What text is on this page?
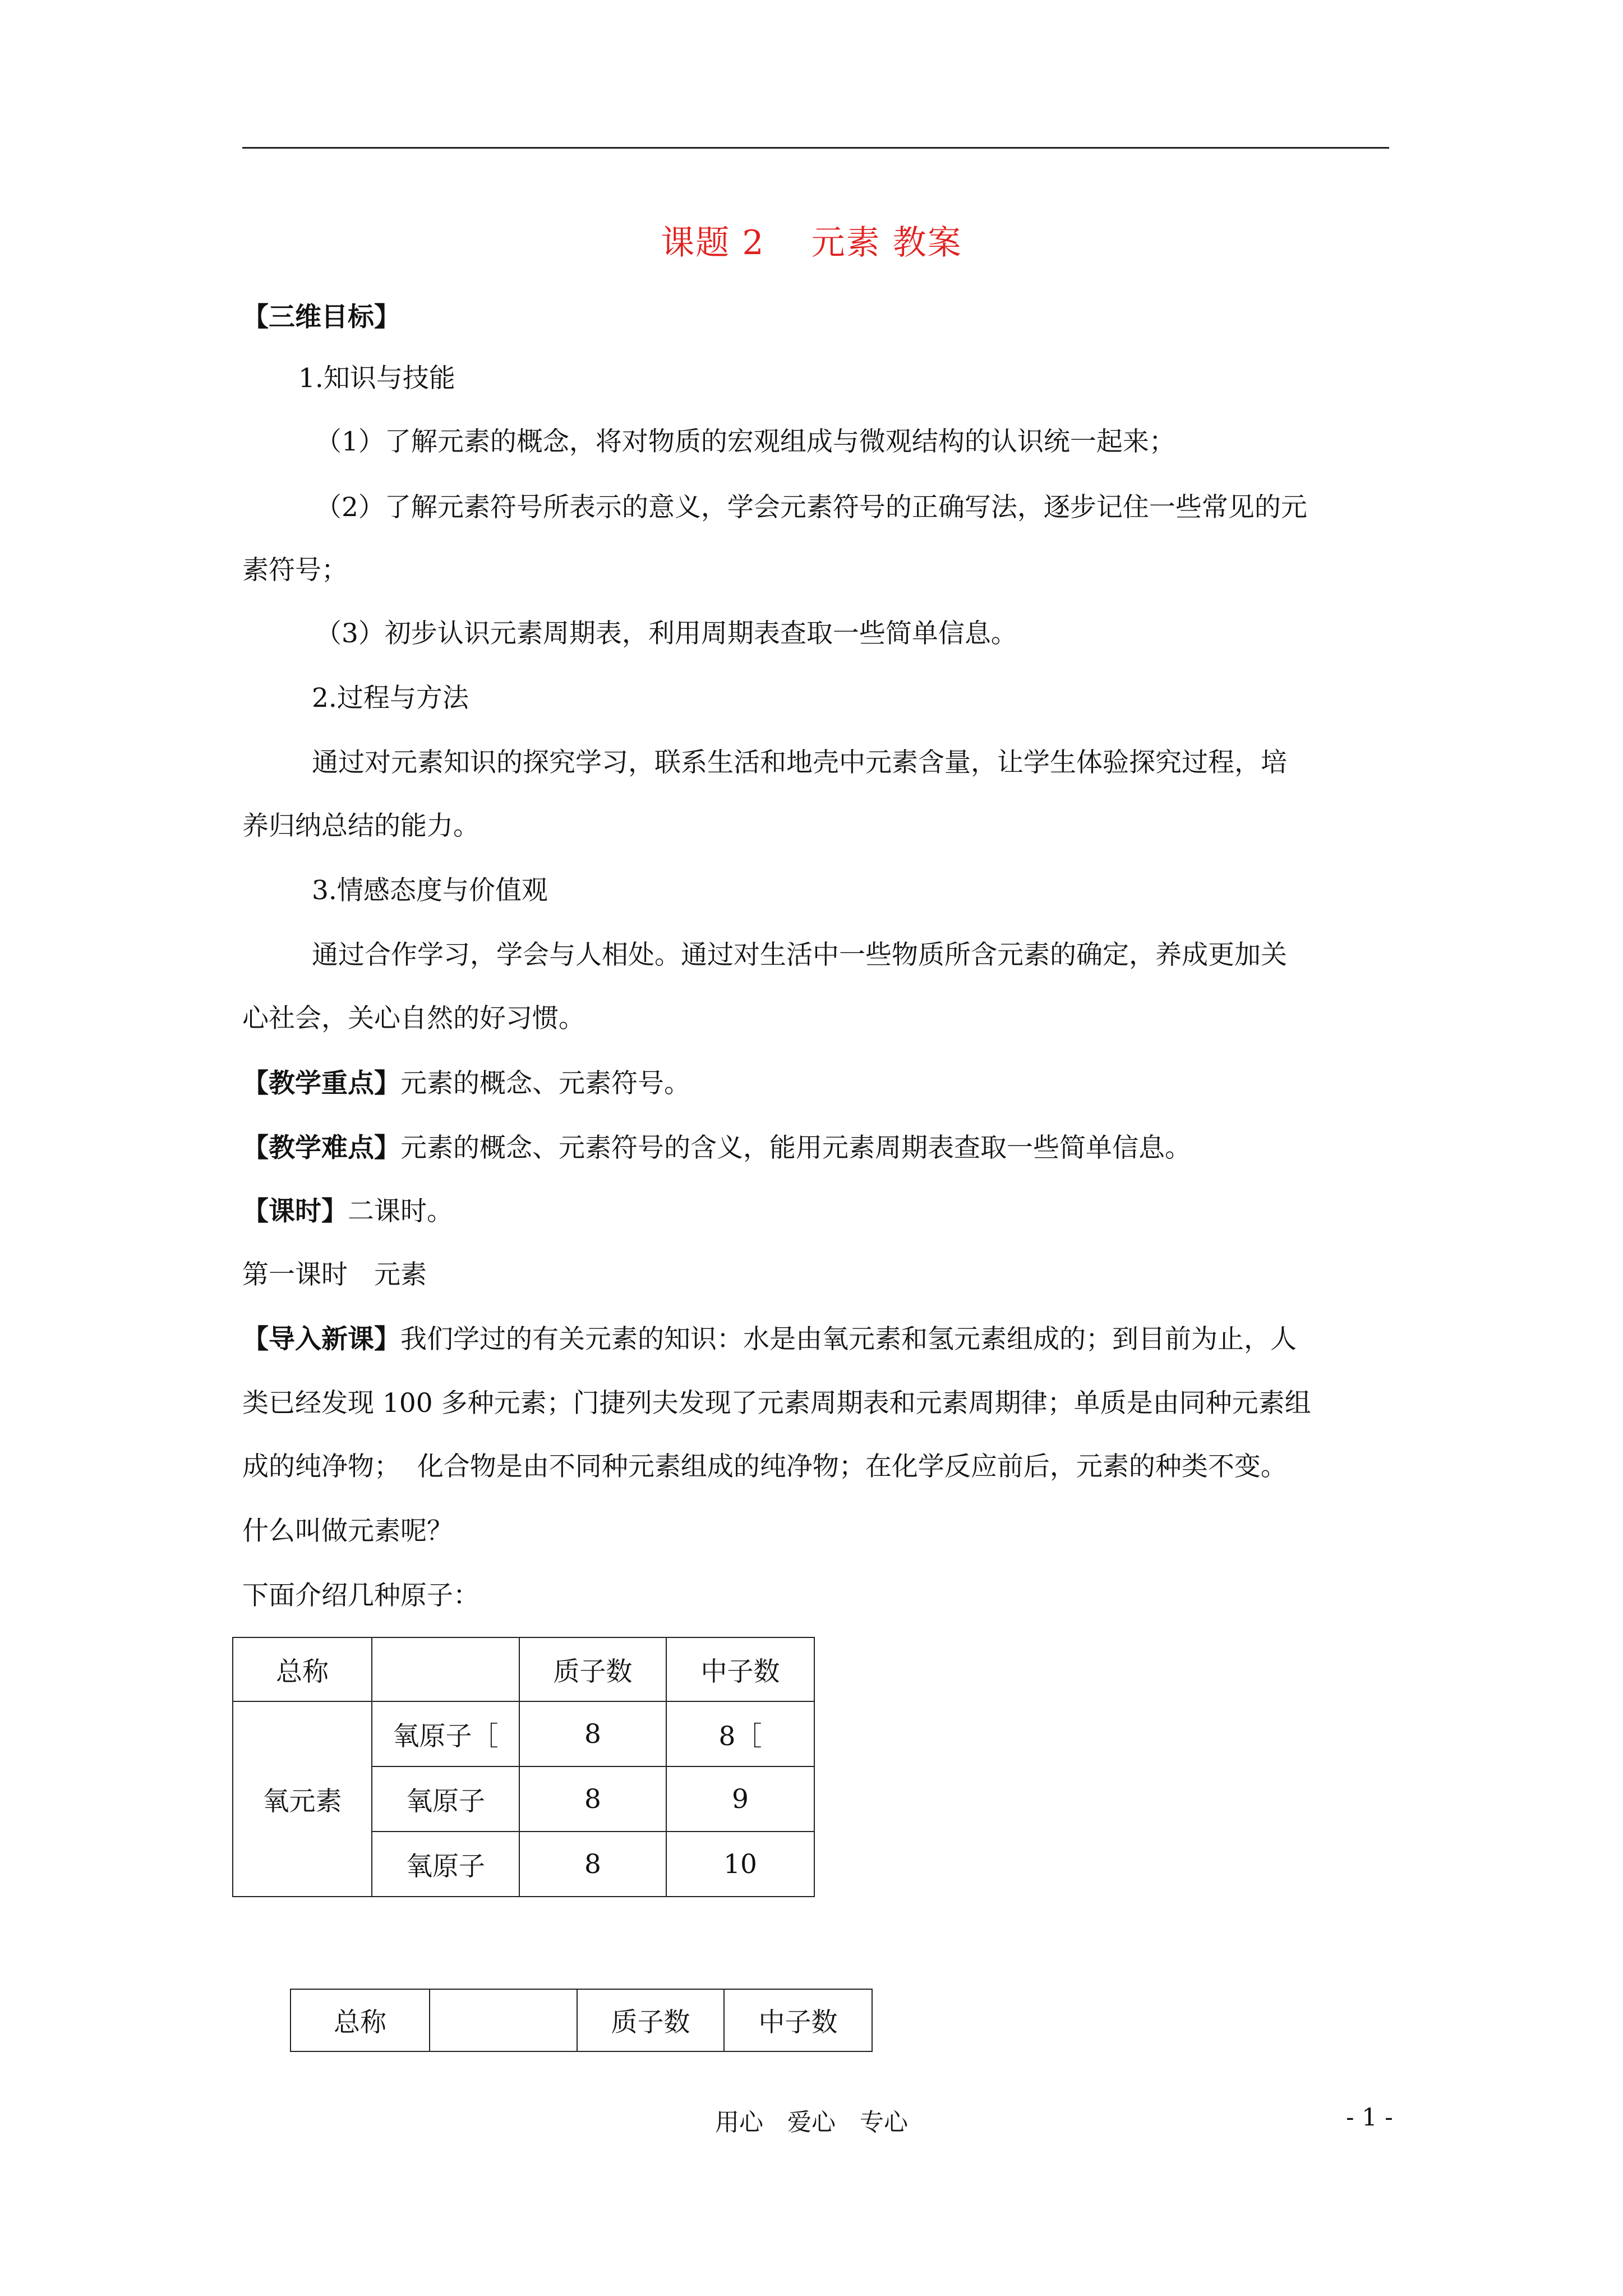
课题 2　 元素 教案
【三维目标】
1.知识与技能
（1）了解元素的概念，将对物质的宏观组成与微观结构的认识统一起来；
（2）了解元素符号所表示的意义，学会元素符号的正确写法，逐步记住一些常见的元
素符号；
（3）初步认识元素周期表，利用周期表查取一些简单信息。
2.过程与方法
通过对元素知识的探究学习，联系生活和地壳中元素含量，让学生体验探究过程，培
养归纳总结的能力。
3.情感态度与价值观
通过合作学习，学会与人相处。通过对生活中一些物质所含元素的确定，养成更加关
心社会，关心自然的好习惯。
【教学重点】元素的概念、元素符号。
【教学难点】元素的概念、元素符号的含义，能用元素周期表查取一些简单信息。
【课时】二课时。
第一课时　元素
【导入新课】我们学过的有关元素的知识：水是由氧元素和氢元素组成的；到目前为止，人
类已经发现 100 多种元素；门捷列夫发现了元素周期表和元素周期律；单质是由同种元素组
成的纯净物；  化合物是由不同种元素组成的纯净物；在化学反应前后，元素的种类不变。
什么叫做元素呢？
下面介绍几种原子：
总称		质子数	中子数
氧元素	氧原子［	8	8［
	氧原子	8	9
	氧原子	8	10
总称		质子数	中子数
用心　爱心　专心	- 1 -
